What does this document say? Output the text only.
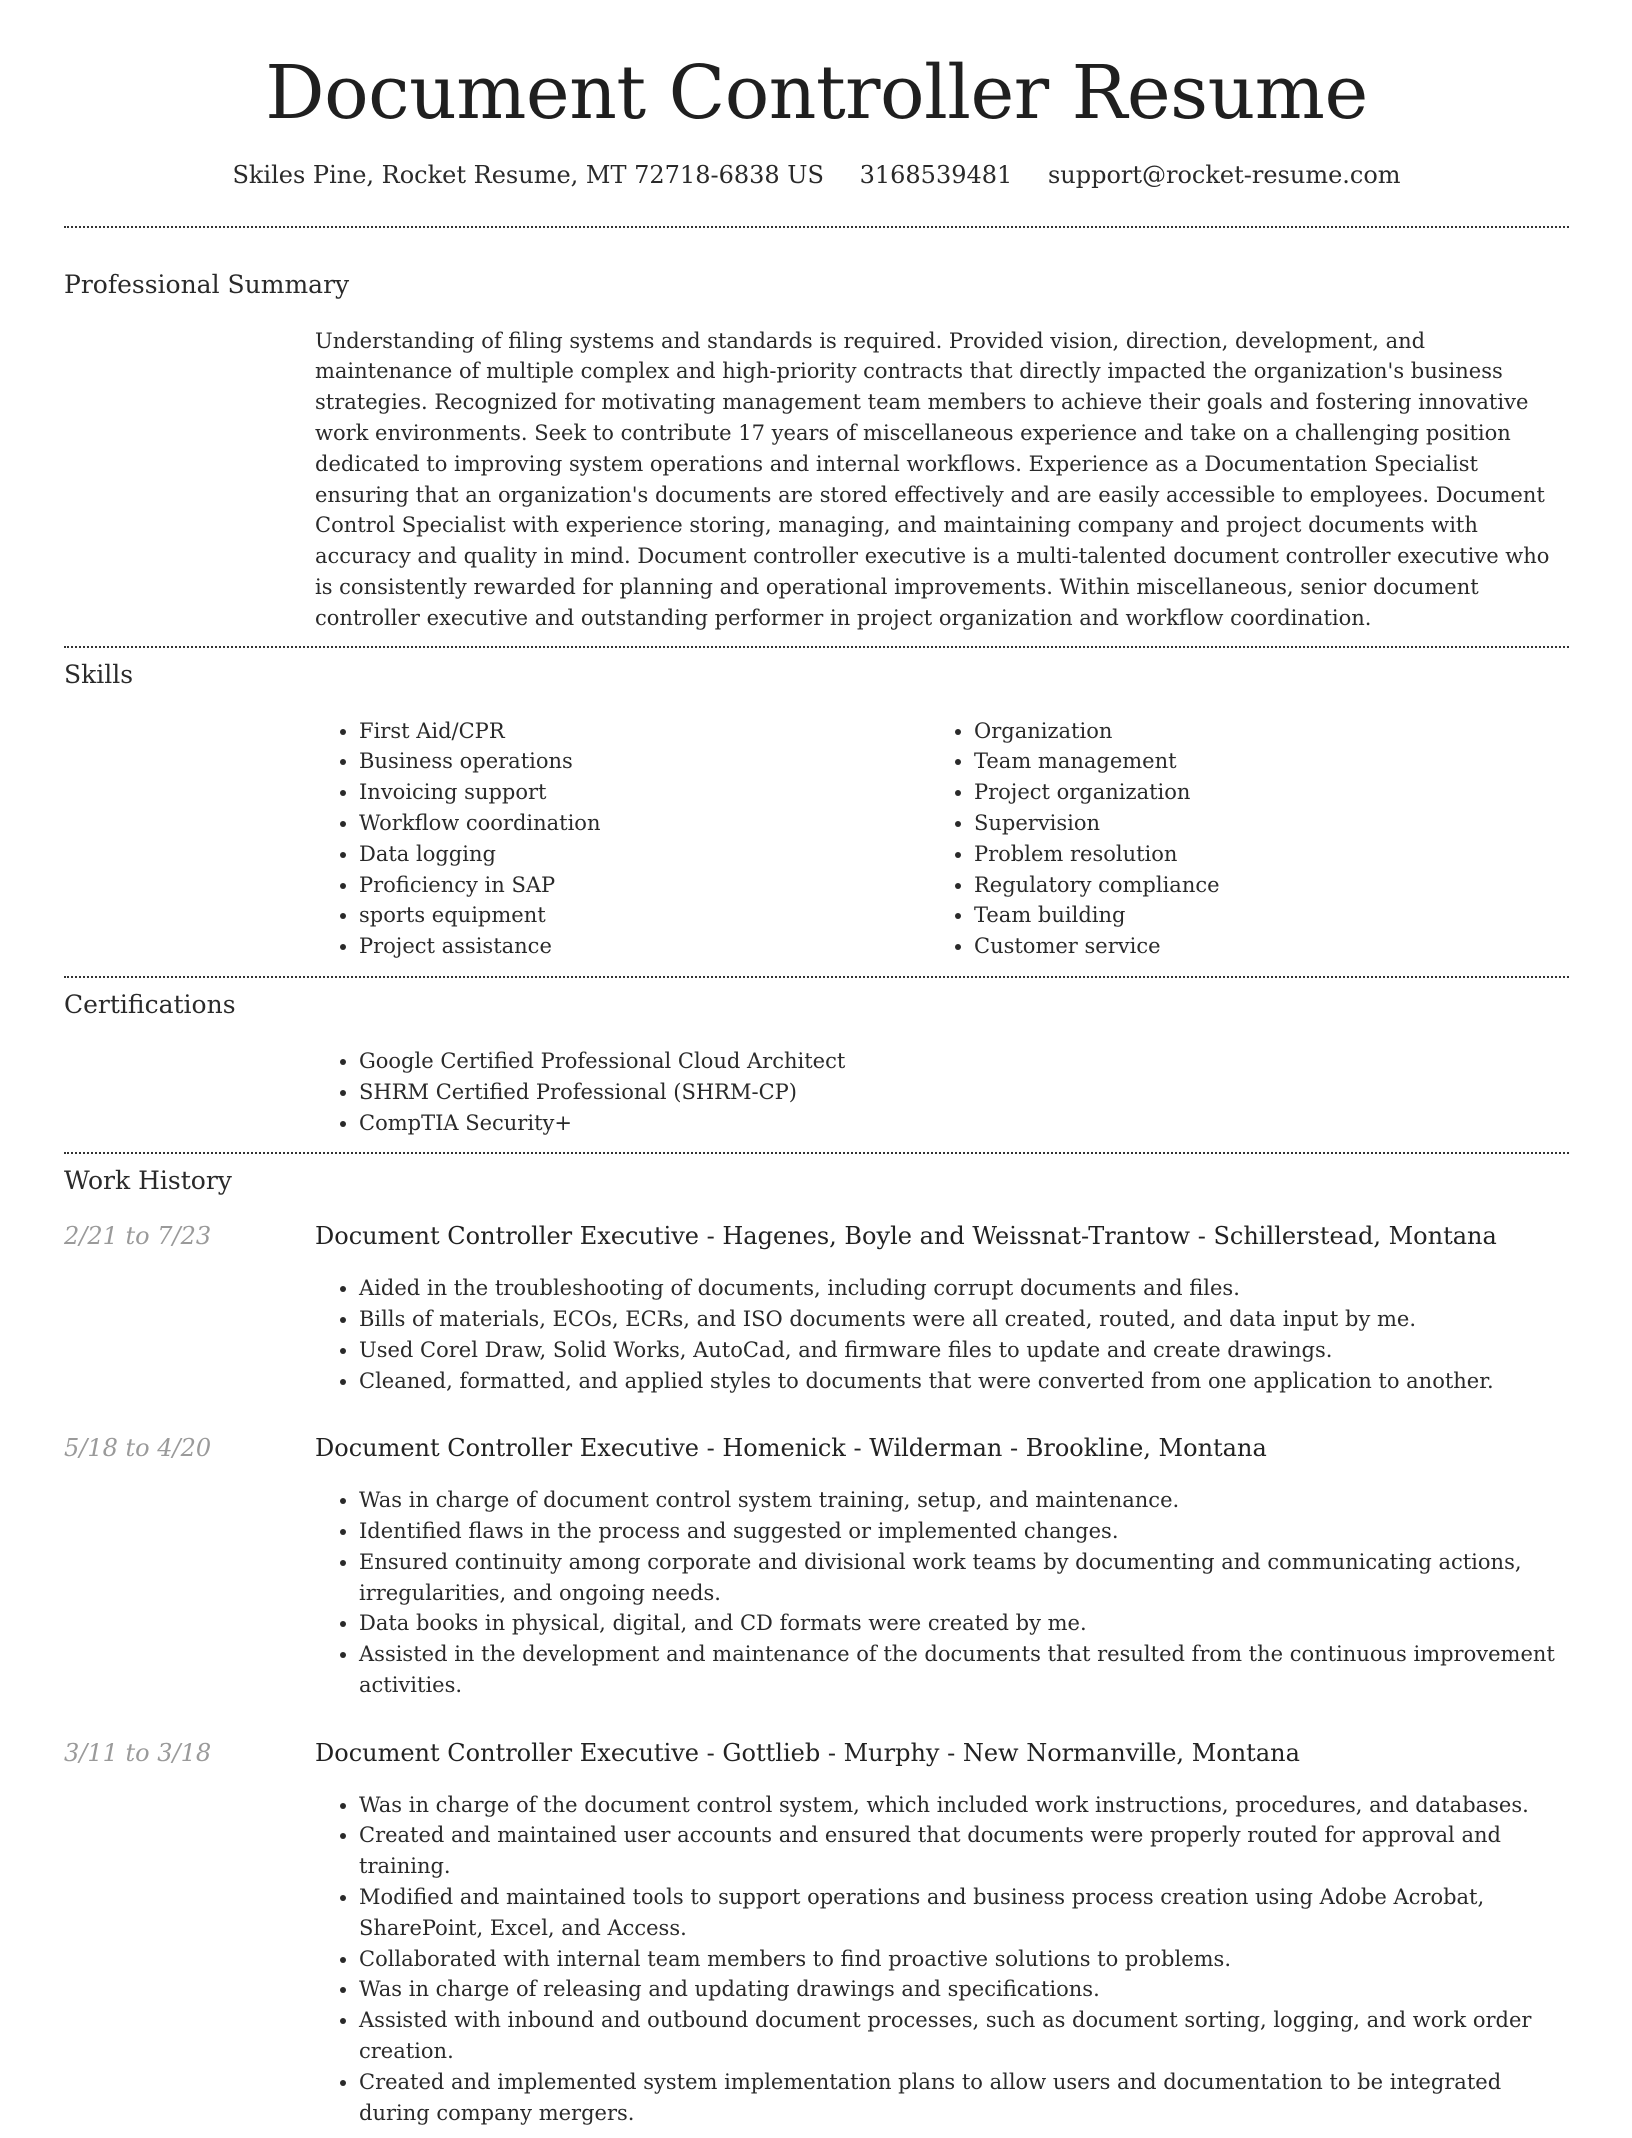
Document Controller Resume
Skiles Pine, Rocket Resume, MT 72718-6838 US 3168539481 support@rocket-resume.com
Professional Summary
Understanding of filing systems and standards is required. Provided vision, direction, development, and maintenance of multiple complex and high-priority contracts that directly impacted the organization's business strategies. Recognized for motivating management team members to achieve their goals and fostering innovative work environments. Seek to contribute 17 years of miscellaneous experience and take on a challenging position dedicated to improving system operations and internal workflows. Experience as a Documentation Specialist ensuring that an organization's documents are stored effectively and are easily accessible to employees. Document Control Specialist with experience storing, managing, and maintaining company and project documents with accuracy and quality in mind. Document controller executive is a multi-talented document controller executive who is consistently rewarded for planning and operational improvements. Within miscellaneous, senior document controller executive and outstanding performer in project organization and workflow coordination.
Skills
• First Aid/CPR
• Business operations
• Invoicing support
• Workflow coordination
• Data logging
• Proficiency in SAP
• sports equipment
• Project assistance
• Organization
• Team management
• Project organization
• Supervision
• Problem resolution
• Regulatory compliance
• Team building
• Customer service
Certifications
• Google Certified Professional Cloud Architect
• SHRM Certified Professional (SHRM-CP)
• CompTIA Security+
Work History
2/21 to 7/23	Document Controller Executive - Hagenes, Boyle and Weissnat-Trantow - Schillerstead, Montana
• Aided in the troubleshooting of documents, including corrupt documents and files.
• Bills of materials, ECOs, ECRs, and ISO documents were all created, routed, and data input by me.
• Used Corel Draw, Solid Works, AutoCad, and firmware files to update and create drawings.
• Cleaned, formatted, and applied styles to documents that were converted from one application to another.
5/18 to 4/20	Document Controller Executive - Homenick - Wilderman - Brookline, Montana
• Was in charge of document control system training, setup, and maintenance.
• Identified flaws in the process and suggested or implemented changes.
• Ensured continuity among corporate and divisional work teams by documenting and communicating actions, irregularities, and ongoing needs.
• Data books in physical, digital, and CD formats were created by me.
• Assisted in the development and maintenance of the documents that resulted from the continuous improvement activities.
3/11 to 3/18	Document Controller Executive - Gottlieb - Murphy - New Normanville, Montana
• Was in charge of the document control system, which included work instructions, procedures, and databases.
• Created and maintained user accounts and ensured that documents were properly routed for approval and training.
• Modified and maintained tools to support operations and business process creation using Adobe Acrobat, SharePoint, Excel, and Access.
• Collaborated with internal team members to find proactive solutions to problems.
• Was in charge of releasing and updating drawings and specifications.
• Assisted with inbound and outbound document processes, such as document sorting, logging, and work order creation.
• Created and implemented system implementation plans to allow users and documentation to be integrated during company mergers.
